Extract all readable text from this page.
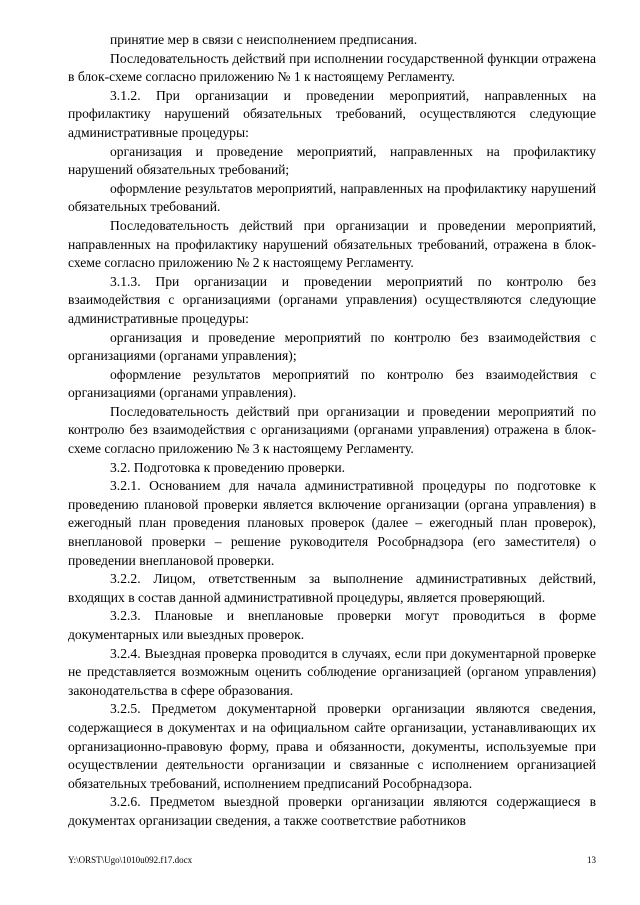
принятие мер в связи с неисполнением предписания.

Последовательность действий при исполнении государственной функции отражена в блок-схеме согласно приложению № 1 к настоящему Регламенту.

3.1.2. При организации и проведении мероприятий, направленных на профилактику нарушений обязательных требований, осуществляются следующие административные процедуры:

организация и проведение мероприятий, направленных на профилактику нарушений обязательных требований;

оформление результатов мероприятий, направленных на профилактику нарушений обязательных требований.

Последовательность действий при организации и проведении мероприятий, направленных на профилактику нарушений обязательных требований, отражена в блок-схеме согласно приложению № 2 к настоящему Регламенту.

3.1.3. При организации и проведении мероприятий по контролю без взаимодействия с организациями (органами управления) осуществляются следующие административные процедуры:

организация и проведение мероприятий по контролю без взаимодействия с организациями (органами управления);

оформление результатов мероприятий по контролю без взаимодействия с организациями (органами управления).

Последовательность действий при организации и проведении мероприятий по контролю без взаимодействия с организациями (органами управления) отражена в блок-схеме согласно приложению № 3 к настоящему Регламенту.

3.2. Подготовка к проведению проверки.

3.2.1. Основанием для начала административной процедуры по подготовке к проведению плановой проверки является включение организации (органа управления) в ежегодный план проведения плановых проверок (далее – ежегодный план проверок), внеплановой проверки – решение руководителя Рособрнадзора (его заместителя) о проведении внеплановой проверки.

3.2.2. Лицом, ответственным за выполнение административных действий, входящих в состав данной административной процедуры, является проверяющий.

3.2.3. Плановые и внеплановые проверки могут проводиться в форме документарных или выездных проверок.

3.2.4. Выездная проверка проводится в случаях, если при документарной проверке не представляется возможным оценить соблюдение организацией (органом управления) законодательства в сфере образования.

3.2.5. Предметом документарной проверки организации являются сведения, содержащиеся в документах и на официальном сайте организации, устанавливающих их организационно-правовую форму, права и обязанности, документы, используемые при осуществлении деятельности организации и связанные с исполнением организацией обязательных требований, исполнением предписаний Рособрнадзора.

3.2.6. Предметом выездной проверки организации являются содержащиеся в документах организации сведения, а также соответствие работников

Y:\ORST\Ugo\1010u092.f17.docx	13
